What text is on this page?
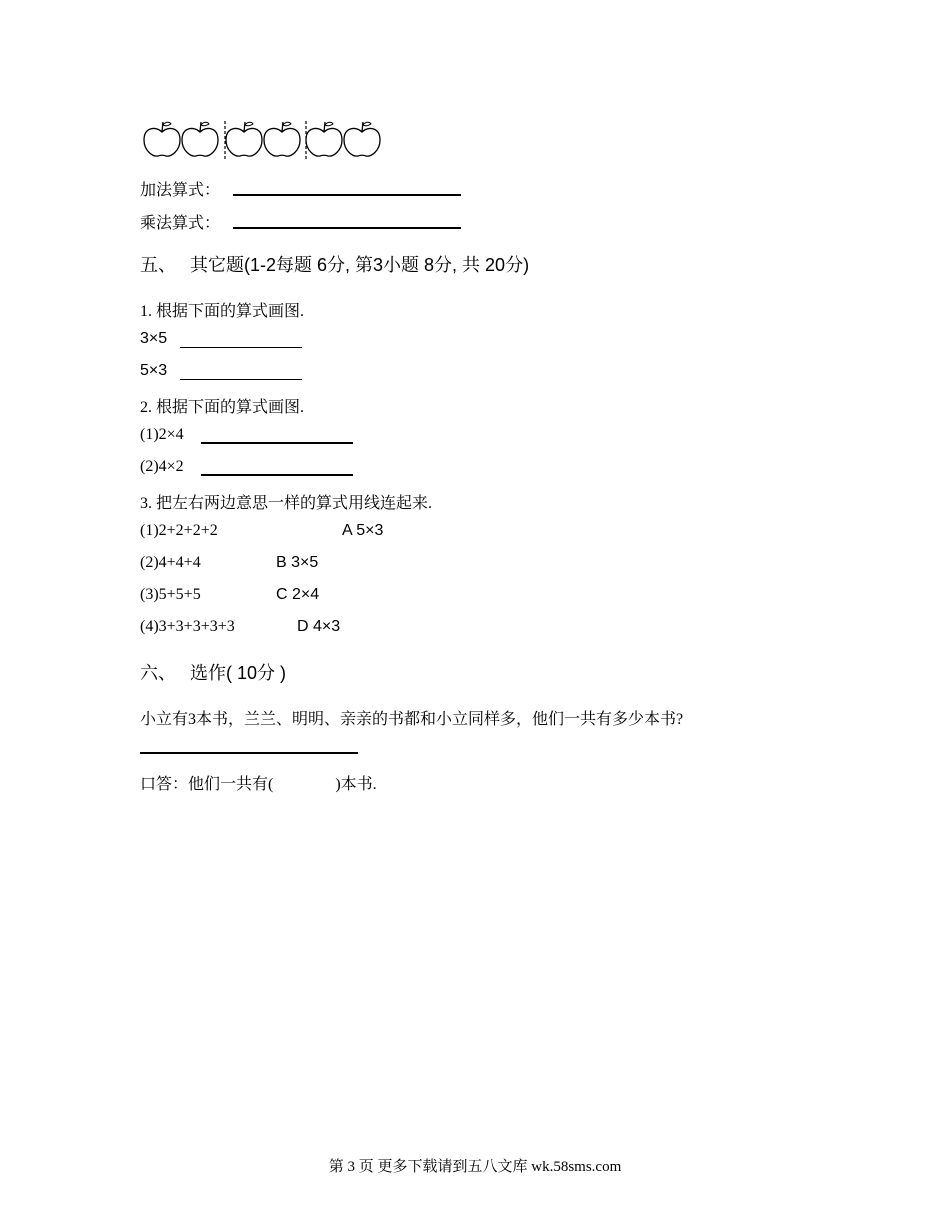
加法算式：
乘法算式：
五、 其它题(1-2每题 6分, 第3小题 8分, 共 20分)
1. 根据下面的算式画图.
3×5
5×3
2. 根据下面的算式画图.
(1)2×4
(2)4×2
3. 把左右两边意思一样的算式用线连起来.
(1)2+2+2+2	A 5×3
(2)4+4+4	B 3×5
(3)5+5+5	C 2×4
(4)3+3+3+3+3	D 4×3
六、 选作( 10分 )
小立有3本书，兰兰、明明、亲亲的书都和小立同样多，他们一共有多少本书?
口答：他们一共有(	)本书.
第 3 页 更多下载请到五八文库 wk.58sms.com
